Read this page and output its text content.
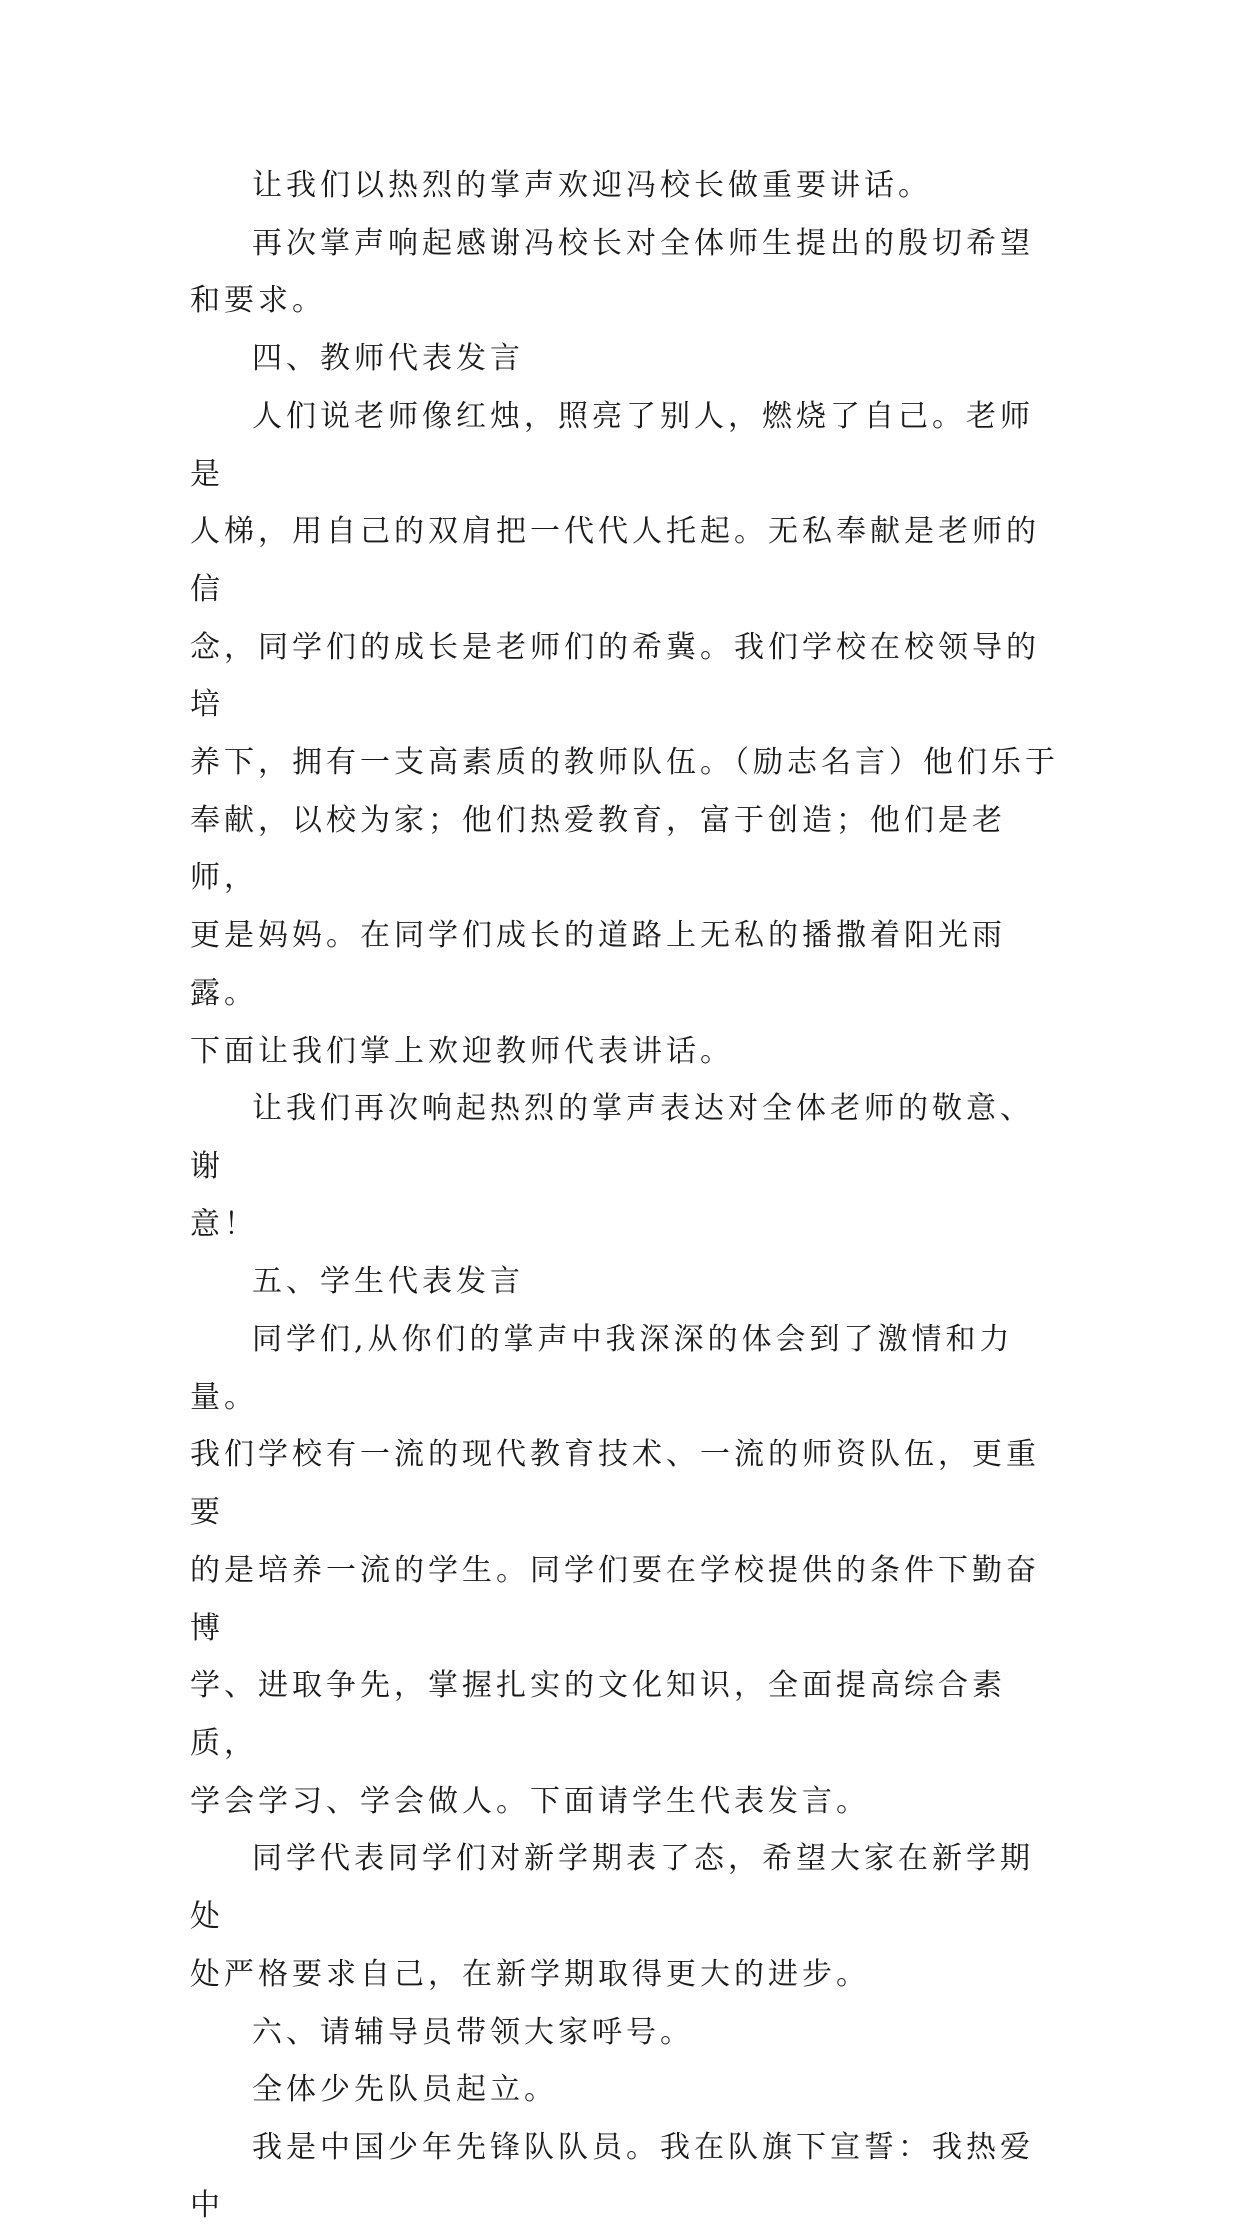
让我们以热烈的掌声欢迎冯校长做重要讲话。

再次掌声响起感谢冯校长对全体师生提出的殷切希望
和要求。

四、教师代表发言

人们说老师像红烛，照亮了别人，燃烧了自己。老师是
人梯，用自己的双肩把一代代人托起。无私奉献是老师的信
念，同学们的成长是老师们的希冀。我们学校在校领导的培
养下，拥有一支高素质的教师队伍。（励志名言）他们乐于
奉献，以校为家；他们热爱教育，富于创造；他们是老师，
更是妈妈。在同学们成长的道路上无私的播撒着阳光雨露。
下面让我们掌上欢迎教师代表讲话。

让我们再次响起热烈的掌声表达对全体老师的敬意、谢
意！

五、学生代表发言

同学们,从你们的掌声中我深深的体会到了激情和力量。
我们学校有一流的现代教育技术、一流的师资队伍，更重要
的是培养一流的学生。同学们要在学校提供的条件下勤奋博
学、进取争先，掌握扎实的文化知识，全面提高综合素质，
学会学习、学会做人。下面请学生代表发言。

同学代表同学们对新学期表了态，希望大家在新学期处
处严格要求自己，在新学期取得更大的进步。

六、请辅导员带领大家呼号。

全体少先队员起立。

我是中国少年先锋队队员。我在队旗下宣誓：我热爱中
